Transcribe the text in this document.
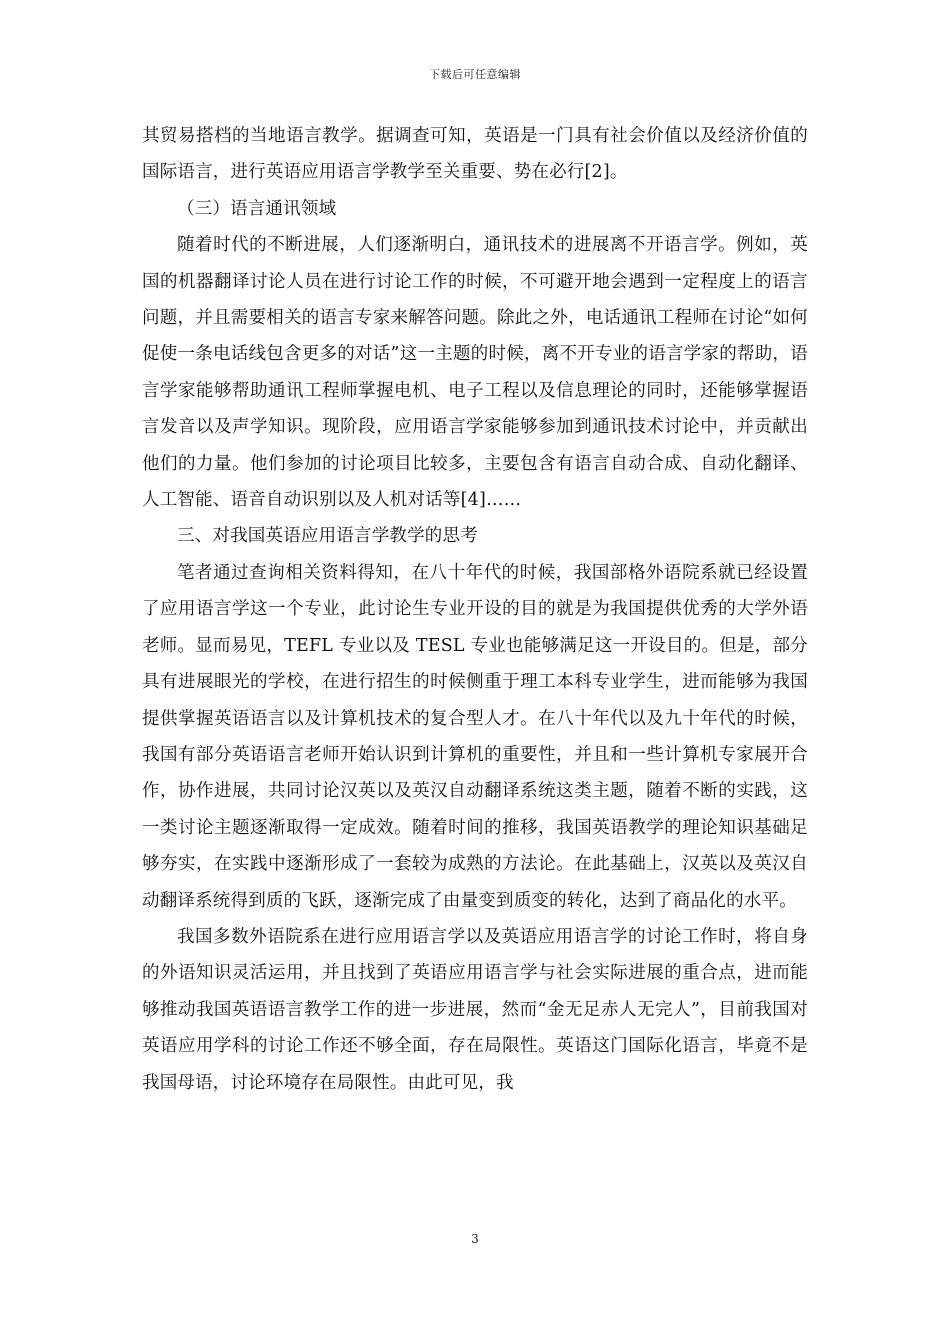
下载后可任意编辑

其贸易搭档的当地语言教学。据调查可知，英语是一门具有社会价值以及经济价值的国际语言，进行英语应用语言学教学至关重要、势在必行[2]。

（三）语言通讯领域

随着时代的不断进展，人们逐渐明白，通讯技术的进展离不开语言学。例如，英国的机器翻译讨论人员在进行讨论工作的时候，不可避开地会遇到一定程度上的语言问题，并且需要相关的语言专家来解答问题。除此之外，电话通讯工程师在讨论“如何促使一条电话线包含更多的对话”这一主题的时候，离不开专业的语言学家的帮助，语言学家能够帮助通讯工程师掌握电机、电子工程以及信息理论的同时，还能够掌握语言发音以及声学知识。现阶段，应用语言学家能够参加到通讯技术讨论中，并贡献出他们的力量。他们参加的讨论项目比较多，主要包含有语言自动合成、自动化翻译、人工智能、语音自动识别以及人机对话等[4]……

三、对我国英语应用语言学教学的思考

笔者通过查询相关资料得知，在八十年代的时候，我国部格外语院系就已经设置了应用语言学这一个专业，此讨论生专业开设的目的就是为我国提供优秀的大学外语老师。显而易见，TEFL 专业以及 TESL 专业也能够满足这一开设目的。但是，部分具有进展眼光的学校，在进行招生的时候侧重于理工本科专业学生，进而能够为我国提供掌握英语语言以及计算机技术的复合型人才。在八十年代以及九十年代的时候，我国有部分英语语言老师开始认识到计算机的重要性，并且和一些计算机专家展开合作，协作进展，共同讨论汉英以及英汉自动翻译系统这类主题，随着不断的实践，这一类讨论主题逐渐取得一定成效。随着时间的推移，我国英语教学的理论知识基础足够夯实，在实践中逐渐形成了一套较为成熟的方法论。在此基础上，汉英以及英汉自动翻译系统得到质的飞跃，逐渐完成了由量变到质变的转化，达到了商品化的水平。

我国多数外语院系在进行应用语言学以及英语应用语言学的讨论工作时，将自身的外语知识灵活运用，并且找到了英语应用语言学与社会实际进展的重合点，进而能够推动我国英语语言教学工作的进一步进展，然而“金无足赤人无完人”，目前我国对英语应用学科的讨论工作还不够全面，存在局限性。英语这门国际化语言，毕竟不是我国母语，讨论环境存在局限性。由此可见，我

3
